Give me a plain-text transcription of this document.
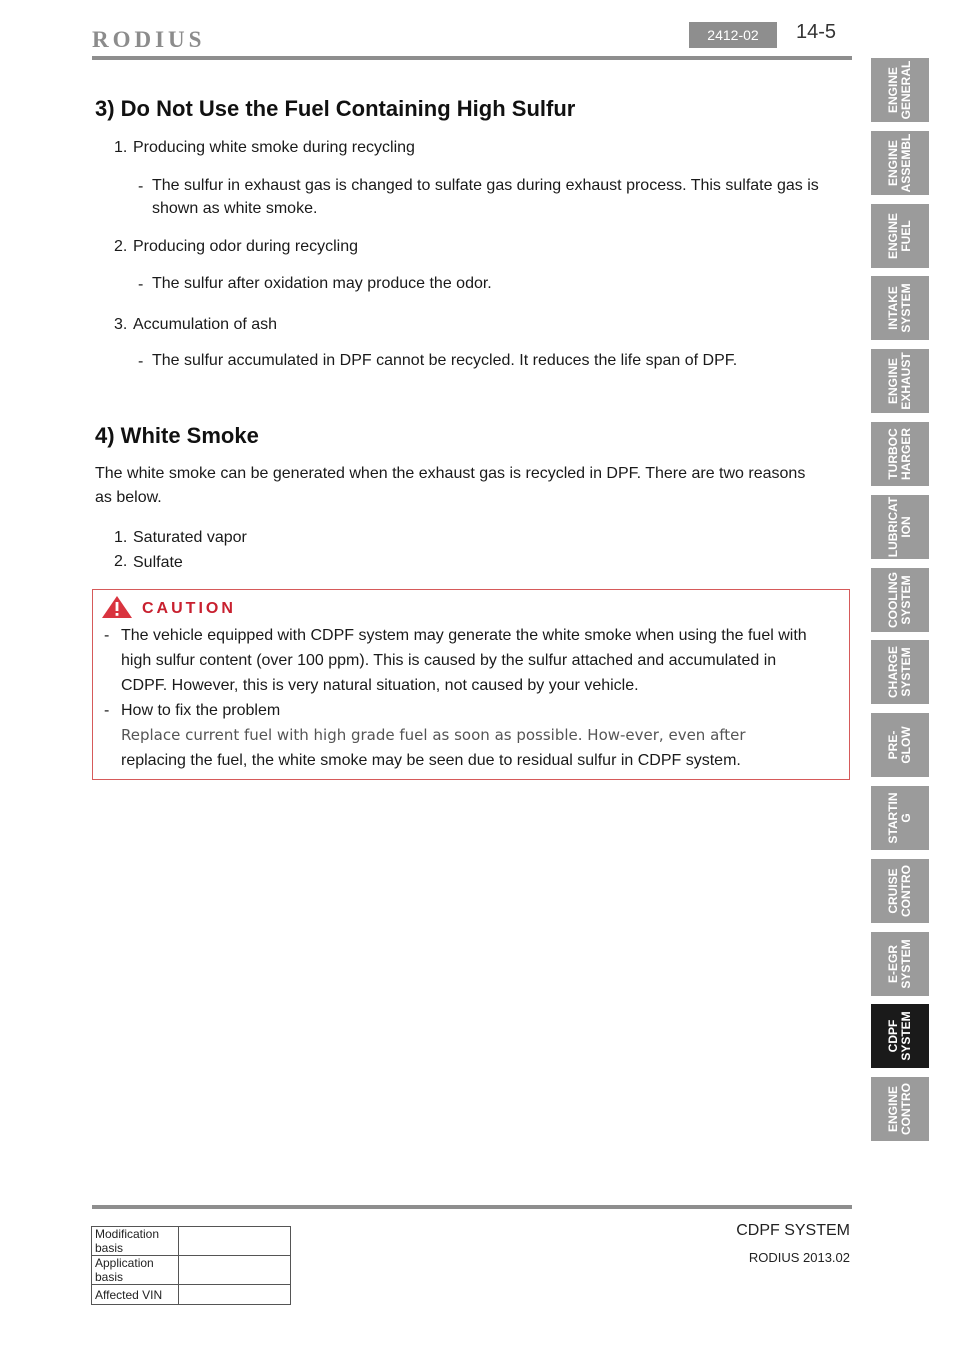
RODIUS	2412-02	14-5
3) Do Not Use the Fuel Containing High Sulfur
1. Producing white smoke during recycling
- The sulfur in exhaust gas is changed to sulfate gas during exhaust process. This sulfate gas is
shown as white smoke.
2. Producing odor during recycling
- The sulfur after oxidation may produce the odor.
3. Accumulation of ash
- The sulfur accumulated in DPF cannot be recycled. It reduces the life span of DPF.
4) White Smoke
The white smoke can be generated when the exhaust gas is recycled in DPF. There are two reasons
as below.
1. Saturated vapor
2. Sulfate
CAUTION
- The vehicle equipped with CDPF system may generate the white smoke when using the fuel with
high sulfur content (over 100 ppm). This is caused by the sulfur attached and accumulated in
CDPF. However, this is very natural situation, not caused by your vehicle.
- How to fix the problem
Replace current fuel with high grade fuel as soon as possible. How-ever, even after
replacing the fuel, the white smoke may be seen due to residual sulfur in CDPF system.
ENGINE
GENERAL
ENGINE
ASSEMBL
ENGINE
FUEL
INTAKE
SYSTEM
ENGINE
EXHAUST
TURBOC
HARGER
LUBRICAT
ION
COOLING
SYSTEM
CHARGE
SYSTEM
PRE-
GLOW
STARTIN
G
CRUISE
CONTRO
E-EGR
SYSTEM
CDPF
SYSTEM
ENGINE
CONTRO
Modification basis	
Application basis	
Affected VIN	
CDPF SYSTEM
RODIUS 2013.02
